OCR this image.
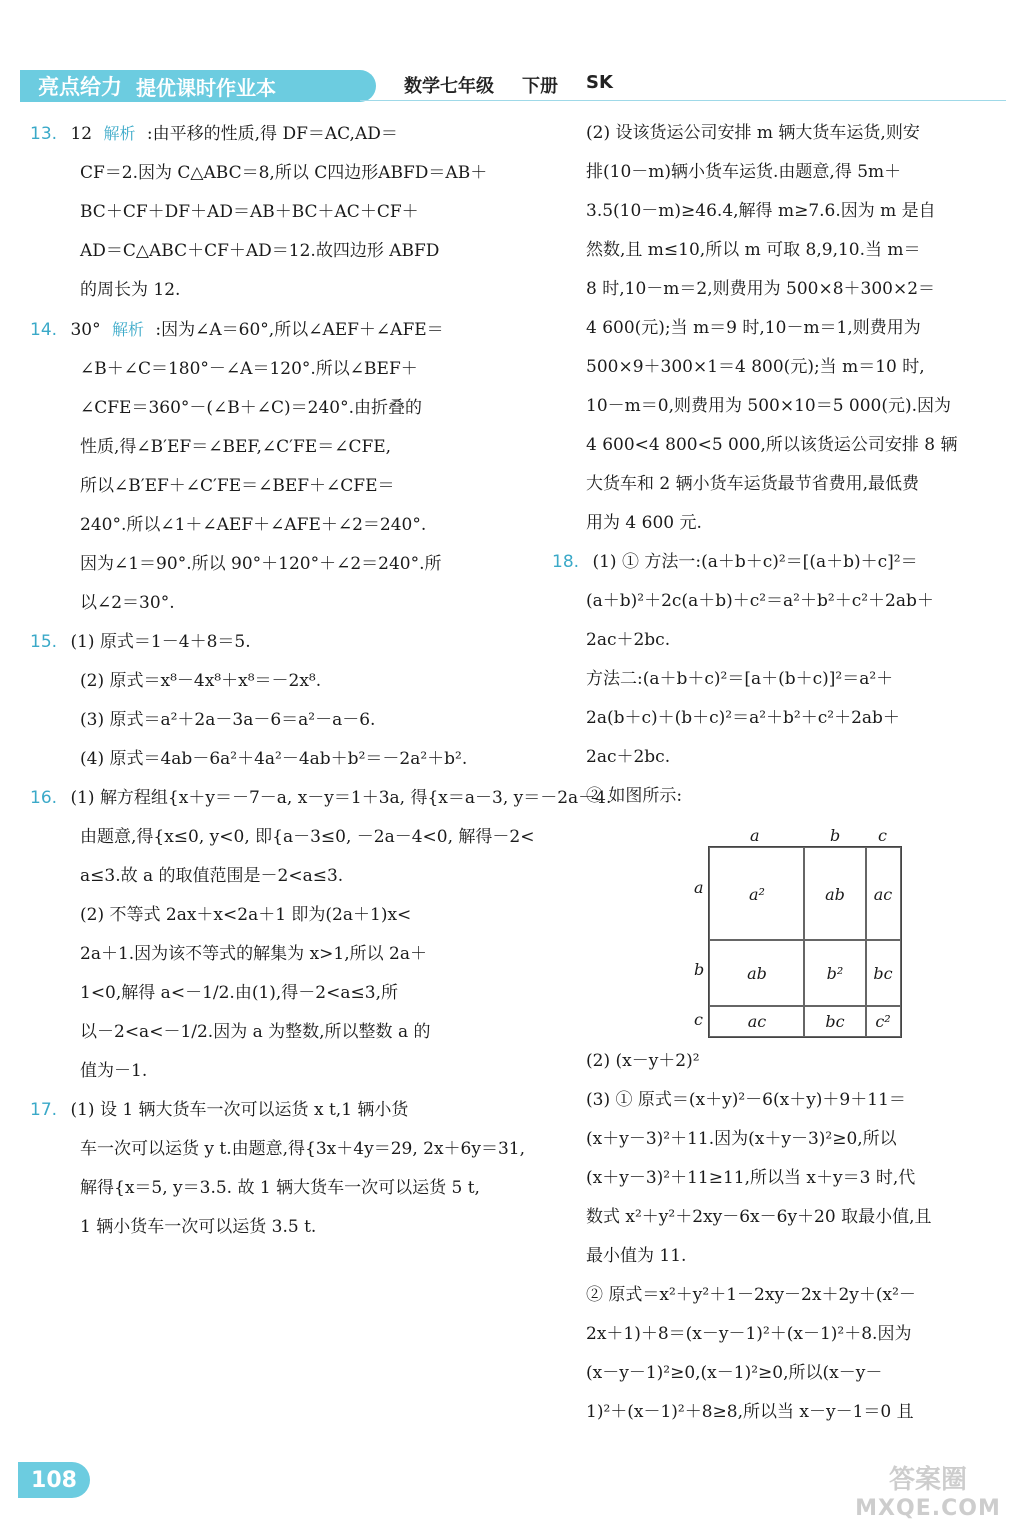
亮点给力 提优课时作业本	数学七年级 下册 SK
13. 12 解析 :由平移的性质,得 DF＝AC,AD＝
CF＝2.因为 C△ABC＝8,所以 C四边形ABFD＝AB＋
BC＋CF＋DF＋AD＝AB＋BC＋AC＋CF＋
AD＝C△ABC＋CF＋AD＝12.故四边形 ABFD
的周长为 12.
14. 30° 解析 :因为∠A＝60°,所以∠AEF＋∠AFE＝
∠B＋∠C＝180°－∠A＝120°.所以∠BEF＋
∠CFE＝360°－(∠B＋∠C)＝240°.由折叠的
性质,得∠B′EF＝∠BEF,∠C′FE＝∠CFE,
所以∠B′EF＋∠C′FE＝∠BEF＋∠CFE＝
240°.所以∠1＋∠AEF＋∠AFE＋∠2＝240°.
因为∠1＝90°.所以 90°＋120°＋∠2＝240°.所
以∠2＝30°.
15. (1) 原式＝1－4＋8＝5.
(2) 原式＝x⁸－4x⁸＋x⁸＝－2x⁸.
(3) 原式＝a²＋2a－3a－6＝a²－a－6.
(4) 原式＝4ab－6a²＋4a²－4ab＋b²＝－2a²＋b².
16. (1) 解方程组{x＋y＝－7－a, x－y＝1＋3a, 得{x＝a－3, y＝－2a－4.
由题意,得{x≤0, y<0, 即{a－3≤0, －2a－4<0, 解得－2<
a≤3.故 a 的取值范围是－2<a≤3.
(2) 不等式 2ax＋x<2a＋1 即为(2a＋1)x<
2a＋1.因为该不等式的解集为 x>1,所以 2a＋
1<0,解得 a<－1/2.由(1),得－2<a≤3,所
以－2<a<－1/2.因为 a 为整数,所以整数 a 的
值为－1.
17. (1) 设 1 辆大货车一次可以运货 x t,1 辆小货
车一次可以运货 y t.由题意,得{3x＋4y＝29, 2x＋6y＝31,
解得{x＝5, y＝3.5. 故 1 辆大货车一次可以运货 5 t,
1 辆小货车一次可以运货 3.5 t.
(2) 设该货运公司安排 m 辆大货车运货,则安
排(10－m)辆小货车运货.由题意,得 5m＋
3.5(10－m)≥46.4,解得 m≥7.6.因为 m 是自
然数,且 m≤10,所以 m 可取 8,9,10.当 m＝
8 时,10－m＝2,则费用为 500×8＋300×2＝
4 600(元);当 m＝9 时,10－m＝1,则费用为
500×9＋300×1＝4 800(元);当 m＝10 时,
10－m＝0,则费用为 500×10＝5 000(元).因为
4 600<4 800<5 000,所以该货运公司安排 8 辆
大货车和 2 辆小货车运货最节省费用,最低费
用为 4 600 元.
18. (1) ① 方法一:(a＋b＋c)²＝[(a＋b)＋c]²＝
(a＋b)²＋2c(a＋b)＋c²＝a²＋b²＋c²＋2ab＋
2ac＋2bc.
方法二:(a＋b＋c)²＝[a＋(b＋c)]²＝a²＋
2a(b＋c)＋(b＋c)²＝a²＋b²＋c²＋2ab＋
2ac＋2bc.
② 如图所示:
(2) (x－y＋2)²
(3) ① 原式＝(x＋y)²－6(x＋y)＋9＋11＝
(x＋y－3)²＋11.因为(x＋y－3)²≥0,所以
(x＋y－3)²＋11≥11,所以当 x＋y＝3 时,代
数式 x²＋y²＋2xy－6x－6y＋20 取最小值,且
最小值为 11.
② 原式＝x²＋y²＋1－2xy－2x＋2y＋(x²－
2x＋1)＋8＝(x－y－1)²＋(x－1)²＋8.因为
(x－y－1)²≥0,(x－1)²≥0,所以(x－y－
1)²＋(x－1)²＋8≥8,所以当 x－y－1＝0 且
a	b c
a
b
c
a²	ab	ac
ab	b²	bc
ac	bc	c²
108	答案圈
MXQE.COM
